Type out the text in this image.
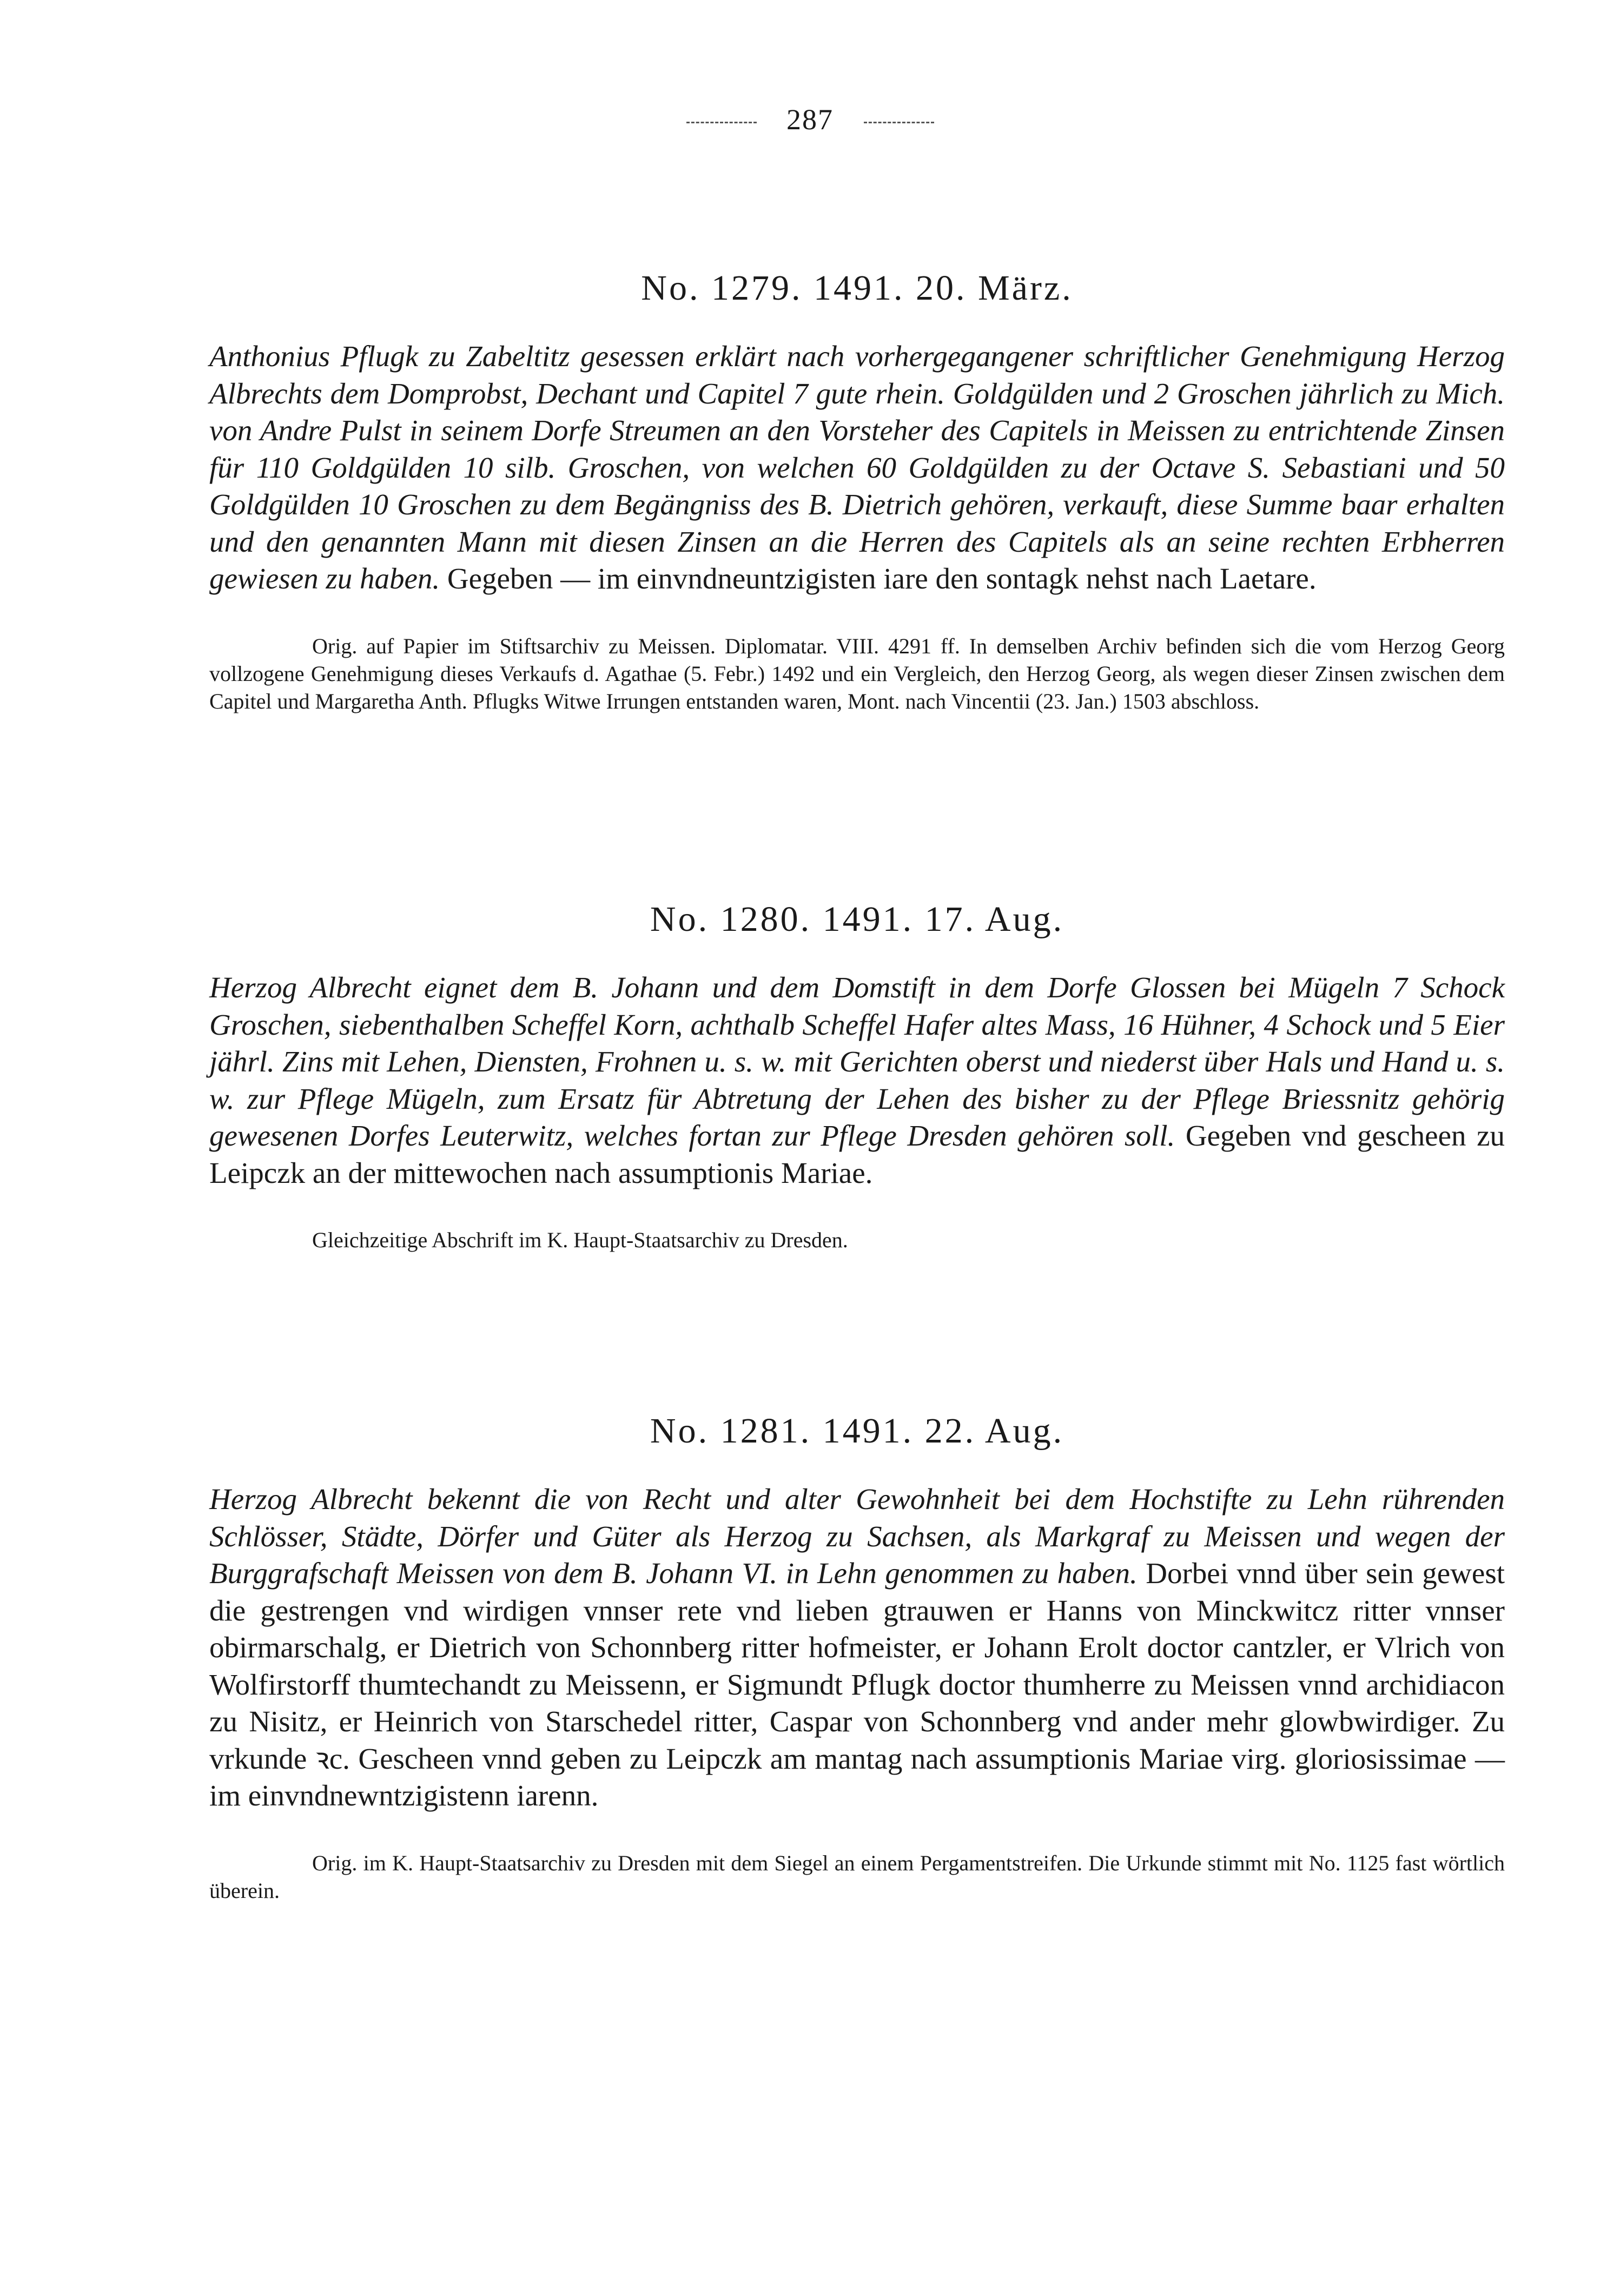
287
No. 1279. 1491. 20. März.

Anthonius Pflugk zu Zabeltitz gesessen erklärt nach vorhergegangener schriftlicher Genehmigung Herzog Albrechts dem Domprobst, Dechant und Capitel 7 gute rhein. Goldgülden und 2 Groschen jährlich zu Mich. von Andre Pulst in seinem Dorfe Streumen an den Vorsteher des Capitels in Meissen zu entrichtende Zinsen für 110 Goldgülden 10 silb. Groschen, von welchen 60 Goldgülden zu der Octave S. Sebastiani und 50 Goldgülden 10 Groschen zu dem Begängniss des B. Dietrich gehören, verkauft, diese Summe baar erhalten und den genannten Mann mit diesen Zinsen an die Herren des Capitels als an seine rechten Erbherren gewiesen zu haben. Gegeben — im einvndneuntzigisten iare den sontagk nehst nach Laetare.

Orig. auf Papier im Stiftsarchiv zu Meissen. Diplomatar. VIII. 4291 ff. In demselben Archiv befinden sich die vom Herzog Georg vollzogene Genehmigung dieses Verkaufs d. Agathae (5. Febr.) 1492 und ein Vergleich, den Herzog Georg, als wegen dieser Zinsen zwischen dem Capitel und Margaretha Anth. Pflugks Witwe Irrungen entstanden waren, Mont. nach Vincentii (23. Jan.) 1503 abschloss.

No. 1280. 1491. 17. Aug.

Herzog Albrecht eignet dem B. Johann und dem Domstift in dem Dorfe Glossen bei Mügeln 7 Schock Groschen, siebenthalben Scheffel Korn, achthalb Scheffel Hafer altes Mass, 16 Hühner, 4 Schock und 5 Eier jährl. Zins mit Lehen, Diensten, Frohnen u. s. w. mit Gerichten oberst und niederst über Hals und Hand u. s. w. zur Pflege Mügeln, zum Ersatz für Abtretung der Lehen des bisher zu der Pflege Briessnitz gehörig gewesenen Dorfes Leuterwitz, welches fortan zur Pflege Dresden gehören soll. Gegeben vnd gescheen zu Leipczk an der mittewochen nach assumptionis Mariae.

Gleichzeitige Abschrift im K. Haupt-Staatsarchiv zu Dresden.

No. 1281. 1491. 22. Aug.

Herzog Albrecht bekennt die von Recht und alter Gewohnheit bei dem Hochstifte zu Lehn rührenden Schlösser, Städte, Dörfer und Güter als Herzog zu Sachsen, als Markgraf zu Meissen und wegen der Burggrafschaft Meissen von dem B. Johann VI. in Lehn genommen zu haben. Dorbei vnnd über sein gewest die gestrengen vnd wirdigen vnnser rete vnd lieben gtrauwen er Hanns von Minckwitcz ritter vnnser obirmarschalg, er Dietrich von Schonnberg ritter hofmeister, er Johann Erolt doctor cantzler, er Vlrich von Wolfirstorff thumtechandt zu Meissenn, er Sigmundt Pflugk doctor thumherre zu Meissen vnnd archidiacon zu Nisitz, er Heinrich von Starschedel ritter, Caspar von Schonnberg vnd ander mehr glowbwirdiger. Zu vrkunde ꝛc. Gescheen vnnd geben zu Leipczk am mantag nach assumptionis Mariae virg. gloriosissimae — im einvndnewntzigistenn iarenn.

Orig. im K. Haupt-Staatsarchiv zu Dresden mit dem Siegel an einem Pergamentstreifen. Die Urkunde stimmt mit No. 1125 fast wörtlich überein.
